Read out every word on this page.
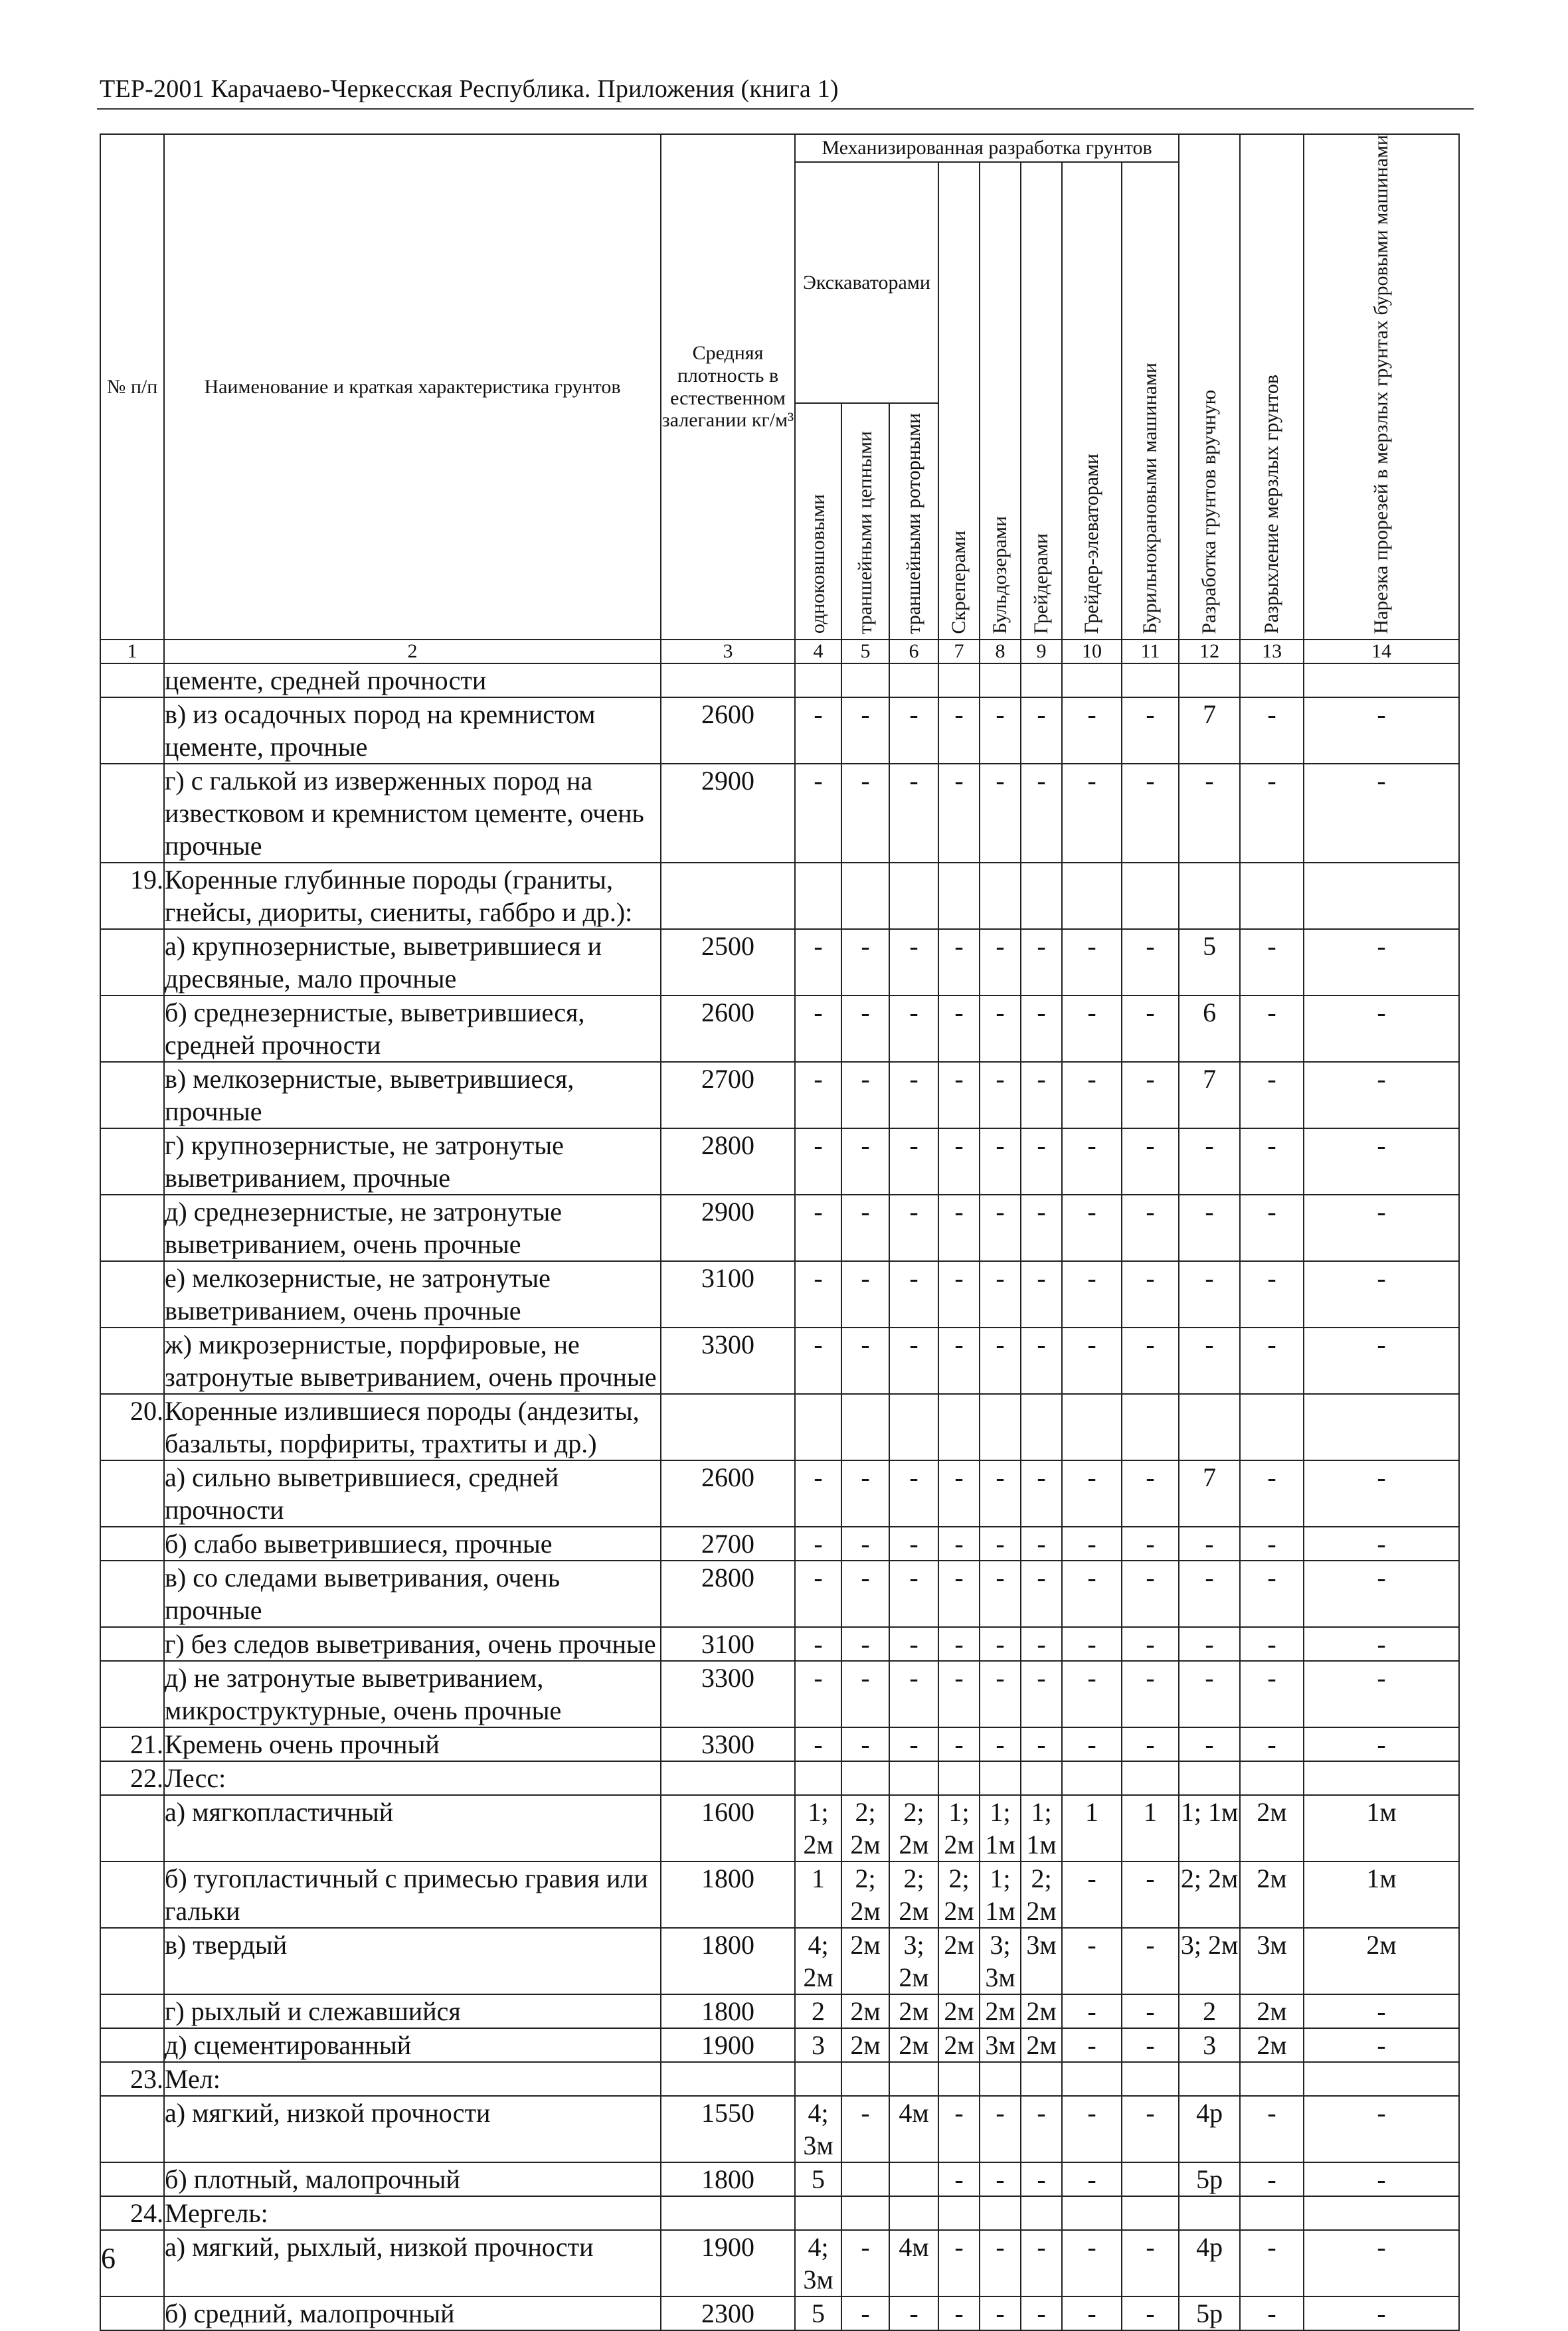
ТЕР-2001 Карачаево-Черкесская Республика. Приложения (книга 1)
№ п/п	Наименование и краткая характеристика грунтов	Средняя плотность в естественном залегании кг/м³	Механизированная разработка грунтов								Разработка грунтов вручную	Разрыхление мерзлых грунтов	Нарезка прорезей в мерзлых грунтах буровыми машинами
			Экскаваторами			Скреперами	Бульдозерами	Грейдерами	Грейдер-элеваторами	Бурильнокрановыми машинами			
			одноковшовыми	траншейными цепными	траншейными роторными								
1	2	3	4	5	6	7	8	9	10	11	12	13	14
	цементе, средней прочности												
	в) из осадочных пород на кремнистом цементе, прочные	2600	-	-	-	-	-	-	-	-	7	-	-
	г) с галькой из изверженных пород на известковом и кремнистом цементе, очень прочные	2900	-	-	-	-	-	-	-	-	-	-	-
19.	Коренные глубинные породы (граниты, гнейсы, диориты, сиениты, габбро и др.):												
	а) крупнозернистые, выветрившиеся и дресвяные, мало прочные	2500	-	-	-	-	-	-	-	-	5	-	-
	б) среднезернистые, выветрившиеся, средней прочности	2600	-	-	-	-	-	-	-	-	6	-	-
	в) мелкозернистые, выветрившиеся, прочные	2700	-	-	-	-	-	-	-	-	7	-	-
	г) крупнозернистые, не затронутые выветриванием, прочные	2800	-	-	-	-	-	-	-	-	-	-	-
	д) среднезернистые, не затронутые выветриванием, очень прочные	2900	-	-	-	-	-	-	-	-	-	-	-
	е) мелкозернистые, не затронутые выветриванием, очень прочные	3100	-	-	-	-	-	-	-	-	-	-	-
	ж) микрозернистые, порфировые, не затронутые выветриванием, очень прочные	3300	-	-	-	-	-	-	-	-	-	-	-
20.	Коренные излившиеся породы (андезиты, базальты, порфириты, трахтиты и др.)												
	а) сильно выветрившиеся, средней прочности	2600	-	-	-	-	-	-	-	-	7	-	-
	б) слабо выветрившиеся, прочные	2700	-	-	-	-	-	-	-	-	-	-	-
	в) со следами выветривания, очень прочные	2800	-	-	-	-	-	-	-	-	-	-	-
	г) без следов выветривания, очень прочные	3100	-	-	-	-	-	-	-	-	-	-	-
	д) не затронутые выветриванием, микроструктурные, очень прочные	3300	-	-	-	-	-	-	-	-	-	-	-
21.	Кремень очень прочный	3300	-	-	-	-	-	-	-	-	-	-	-
22.	Лесс:												
	а) мягкопластичный	1600	1; 2м	2; 2м	2; 2м	1; 2м	1; 1м	1; 1м	1	1	1; 1м	2м	1м
	б) тугопластичный с примесью гравия или гальки	1800	1	2; 2м	2; 2м	2; 2м	1; 1м	2; 2м	-	-	2; 2м	2м	1м
	в) твердый	1800	4; 2м	2м	3; 2м	2м	3; 3м	3м	-	-	3; 2м	3м	2м
	г) рыхлый и слежавшийся	1800	2	2м	2м	2м	2м	2м	-	-	2	2м	-
	д) сцементированный	1900	3	2м	2м	2м	3м	2м	-	-	3	2м	-
23.	Мел:												
	а) мягкий, низкой прочности	1550	4; 3м	-	4м	-	-	-	-	-	4р	-	-
	б) плотный, малопрочный	1800	5			-	-	-	-		5р	-	-
24.	Мергель:												
	а) мягкий, рыхлый, низкой прочности	1900	4; 3м	-	4м	-	-	-	-	-	4р	-	-
	б) средний, малопрочный	2300	5	-	-	-	-	-	-	-	5р	-	-
6
